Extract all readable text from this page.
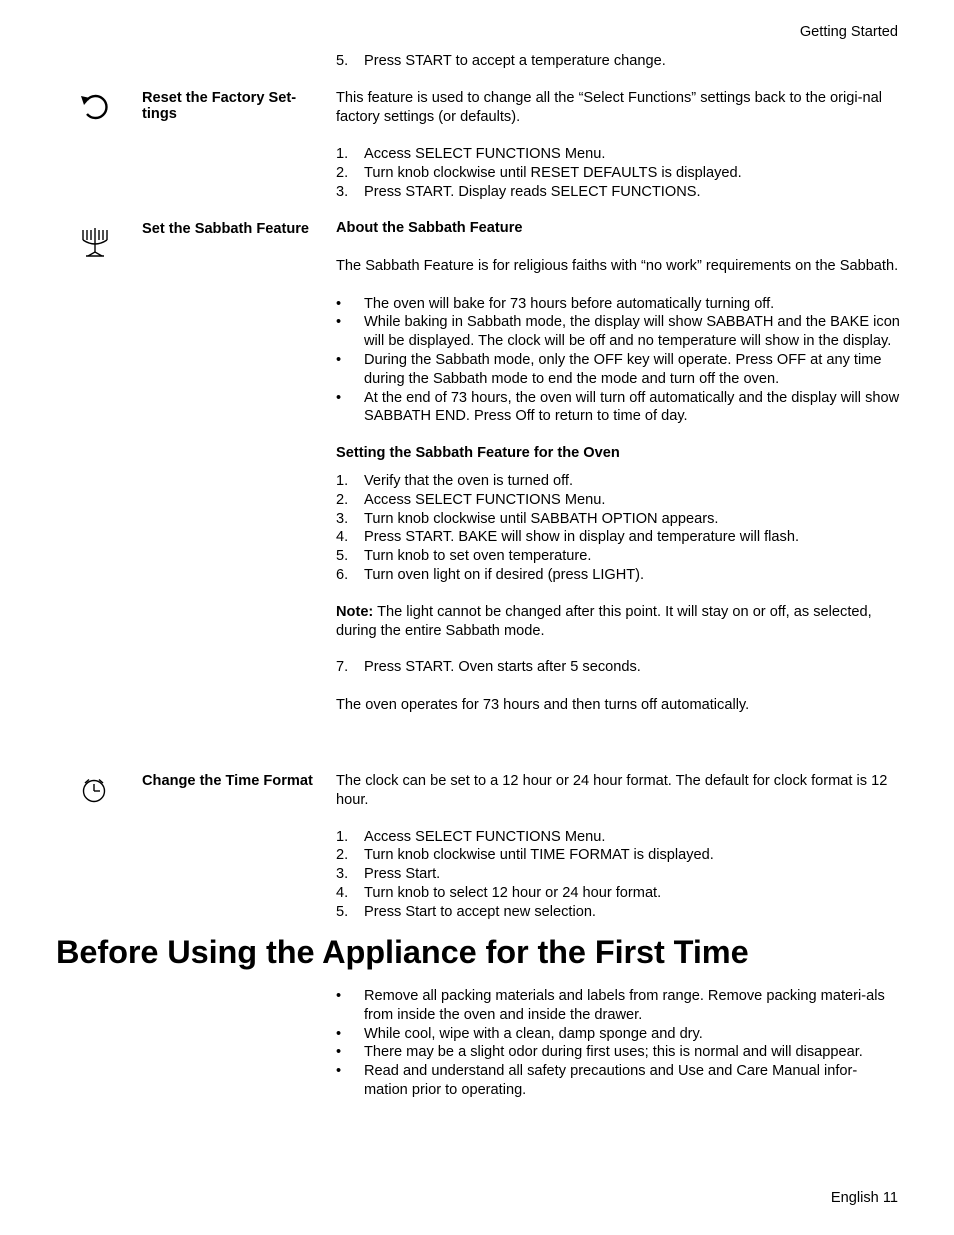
Getting Started
5.	Press START to accept a temperature change.
Reset the Factory Set-
tings

This feature is used to change all the “Select Functions” settings back to the origi-nal factory settings (or defaults).

1.	Access SELECT FUNCTIONS Menu.
2.	Turn knob clockwise until RESET DEFAULTS is displayed.
3.	Press START. Display reads SELECT FUNCTIONS.
Set the Sabbath Feature	About the Sabbath Feature

The Sabbath Feature is for religious faiths with “no work” requirements on the Sabbath.

•	The oven will bake for 73 hours before automatically turning off.
•	While baking in Sabbath mode, the display will show SABBATH and the BAKE icon will be displayed. The clock will be off and no temperature will show in the display.
•	During the Sabbath mode, only the OFF key will operate. Press OFF at any time during the Sabbath mode to end the mode and turn off the oven.
•	At the end of 73 hours, the oven will turn off automatically and the display will show SABBATH END. Press Off to return to time of day.

Setting the Sabbath Feature for the Oven

1.	Verify that the oven is turned off.
2.	Access SELECT FUNCTIONS Menu.
3.	Turn knob clockwise until SABBATH OPTION appears.
4.	Press START. BAKE will show in display and temperature will flash.
5.	Turn knob to set oven temperature.
6.	Turn oven light on if desired (press LIGHT).

Note: The light cannot be changed after this point. It will stay on or off, as selected, during the entire Sabbath mode.

7.	Press START. Oven starts after 5 seconds.

The oven operates for 73 hours and then turns off automatically.

Change the Time Format	The clock can be set to a 12 hour or 24 hour format. The default for clock format is 12 hour.

1.	Access SELECT FUNCTIONS Menu.
2.	Turn knob clockwise until TIME FORMAT is displayed.
3.	Press Start.
4.	Turn knob to select 12 hour or 24 hour format.
5.	Press Start to accept new selection.
Before Using the Appliance for the First Time
•	Remove all packing materials and labels from range. Remove packing materi-als from inside the oven and inside the drawer.
•	While cool, wipe with a clean, damp sponge and dry.
•	There may be a slight odor during first uses; this is normal and will disappear.
•	Read and understand all safety precautions and Use and Care Manual infor-mation prior to operating.
English 11
